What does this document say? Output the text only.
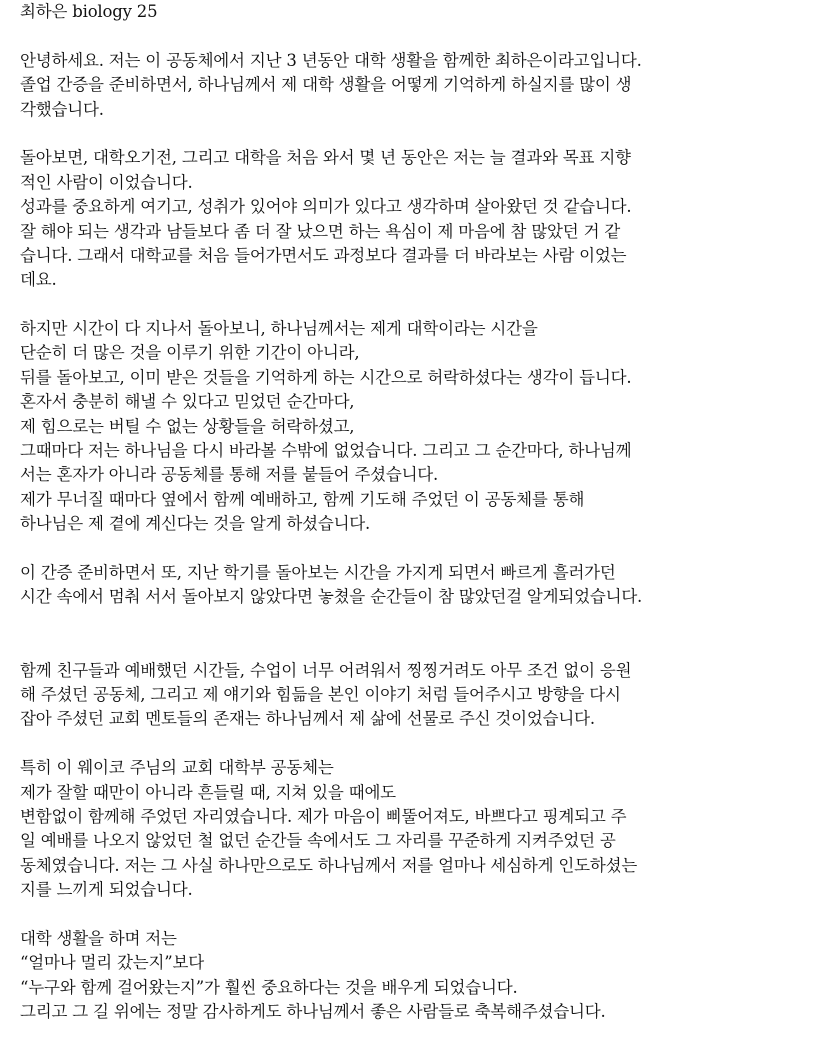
최하은 biology 25
안녕하세요. 저는 이 공동체에서 지난 3 년동안 대학 생활을 함께한 최하은이라고입니다.
졸업 간증을 준비하면서, 하나님께서 제 대학 생활을 어떻게 기억하게 하실지를 많이 생
각했습니다.
돌아보면, 대학오기전, 그리고 대학을 처음 와서 몇 년 동안은 저는 늘 결과와 목표 지향
적인 사람이 이었습니다.
성과를 중요하게 여기고, 성취가 있어야 의미가 있다고 생각하며 살아왔던 것 같습니다.
잘 해야 되는 생각과 남들보다 좀 더 잘 났으면 하는 욕심이 제 마음에 참 많았던 거 같
습니다. 그래서 대학교를 처음 들어가면서도 과정보다 결과를 더 바라보는 사람 이었는
데요.
하지만 시간이 다 지나서 돌아보니, 하나님께서는 제게 대학이라는 시간을
단순히 더 많은 것을 이루기 위한 기간이 아니라,
뒤를 돌아보고, 이미 받은 것들을 기억하게 하는 시간으로 허락하셨다는 생각이 듭니다.
혼자서 충분히 해낼 수 있다고 믿었던 순간마다,
제 힘으로는 버틸 수 없는 상황들을 허락하셨고,
그때마다 저는 하나님을 다시 바라볼 수밖에 없었습니다. 그리고 그 순간마다, 하나님께
서는 혼자가 아니라 공동체를 통해 저를 붙들어 주셨습니다.
제가 무너질 때마다 옆에서 함께 예배하고, 함께 기도해 주었던 이 공동체를 통해
하나님은 제 곁에 계신다는 것을 알게 하셨습니다.
이 간증 준비하면서 또, 지난 학기를 돌아보는 시간을 가지게 되면서 빠르게 흘러가던
시간 속에서 멈춰 서서 돌아보지 않았다면 놓쳤을 순간들이 참 많았던걸 알게되었습니다.
함께 친구들과 예배했던 시간들, 수업이 너무 어려워서 찡찡거려도 아무 조건 없이 응원
해 주셨던 공동체, 그리고 제 얘기와 힘듦을 본인 이야기 처럼 들어주시고 방향을 다시
잡아 주셨던 교회 멘토들의 존재는 하나님께서 제 삶에 선물로 주신 것이었습니다.
특히 이 웨이코 주님의 교회 대학부 공동체는
제가 잘할 때만이 아니라 흔들릴 때, 지쳐 있을 때에도
변함없이 함께해 주었던 자리였습니다. 제가 마음이 삐뚤어져도, 바쁘다고 핑계되고 주
일 예배를 나오지 않었던 철 없던 순간들 속에서도 그 자리를 꾸준하게 지켜주었던 공
동체였습니다. 저는 그 사실 하나만으로도 하나님께서 저를 얼마나 세심하게 인도하셨는
지를 느끼게 되었습니다.
대학 생활을 하며 저는
“얼마나 멀리 갔는지”보다
“누구와 함께 걸어왔는지”가 훨씬 중요하다는 것을 배우게 되었습니다.
그리고 그 길 위에는 정말 감사하게도 하나님께서 좋은 사람들로 축복해주셨습니다.
